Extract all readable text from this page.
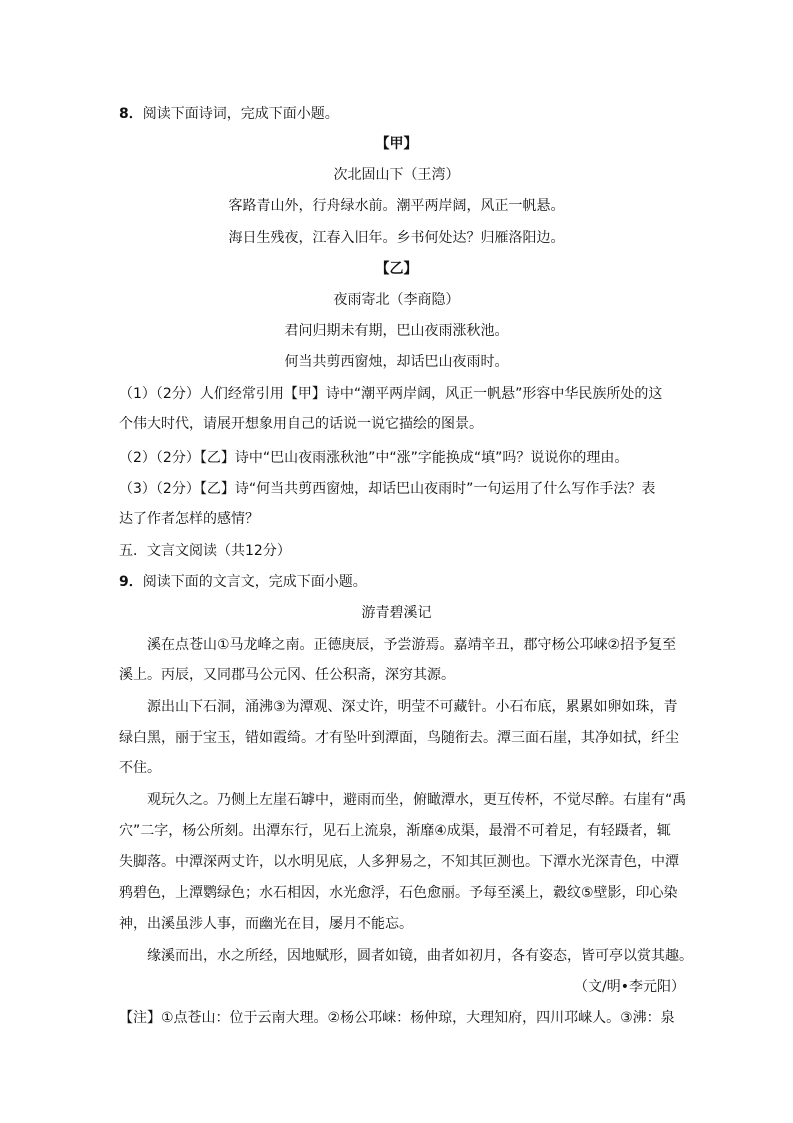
8．阅读下面诗词，完成下面小题。
【甲】
次北固山下（王湾）
客路青山外，行舟绿水前。潮平两岸阔，风正一帆悬。
海日生残夜，江春入旧年。乡书何处达？归雁洛阳边。
【乙】
夜雨寄北（李商隐）
君问归期未有期，巴山夜雨涨秋池。
何当共剪西窗烛，却话巴山夜雨时。
（1）（2分）人们经常引用【甲】诗中“潮平两岸阔，风正一帆悬”形容中华民族所处的这
个伟大时代，请展开想象用自己的话说一说它描绘的图景。
（2）（2分）【乙】诗中“巴山夜雨涨秋池”中“涨”字能换成“填”吗？说说你的理由。
（3）（2分）【乙】诗“何当共剪西窗烛，却话巴山夜雨时”一句运用了什么写作手法？表
达了作者怎样的感情？
五．文言文阅读（共12分）
9．阅读下面的文言文，完成下面小题。
游青碧溪记
溪在点苍山①马龙峰之南。正德庚辰，予尝游焉。嘉靖辛丑，郡守杨公邛崃②招予复至
溪上。丙辰，又同郡马公元冈、任公积斋，深穷其源。
源出山下石洞，涌沸③为潭观、深丈许，明莹不可藏针。小石布底，累累如卵如珠，青
绿白黑，丽于宝玉，错如霞绮。才有坠叶到潭面，鸟随衔去。潭三面石崖，其净如拭，纤尘
不住。
观玩久之。乃侧上左崖石罅中，避雨而坐，俯瞰潭水，更互传杯，不觉尽醉。右崖有“禹
穴”二字，杨公所刻。出潭东行，见石上流泉，渐靡④成渠，最滑不可着足，有轻蹑者，辄
失脚落。中潭深两丈许，以水明见底，人多狎易之，不知其叵测也。下潭水光深青色，中潭
鸦碧色，上潭鹦绿色；水石相因，水光愈浮，石色愈丽。予每至溪上，縠纹⑤壁影，印心染
神，出溪虽涉人事，而幽光在目，屡月不能忘。
缘溪而出，水之所经，因地赋形，圆者如镜，曲者如初月，各有姿态，皆可亭以赏其趣。
（文/明•李元阳）
【注】①点苍山：位于云南大理。②杨公邛崃：杨仲琼，大理知府，四川邛崃人。③沸：泉
